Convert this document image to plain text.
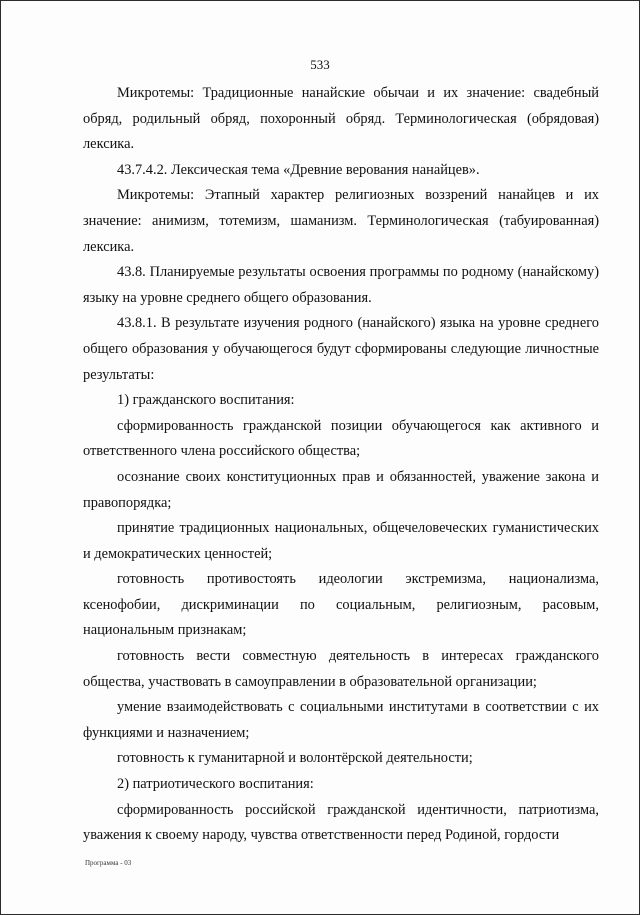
533

Микротемы: Традиционные нанайские обычаи и их значение: свадебный обряд, родильный обряд, похоронный обряд. Терминологическая (обрядовая) лексика.

43.7.4.2. Лексическая тема «Древние верования нанайцев».

Микротемы: Этапный характер религиозных воззрений нанайцев и их значение: анимизм, тотемизм, шаманизм. Терминологическая (табуированная) лексика.

43.8. Планируемые результаты освоения программы по родному (нанайскому) языку на уровне среднего общего образования.

43.8.1. В результате изучения родного (нанайского) языка на уровне среднего общего образования у обучающегося будут сформированы следующие личностные результаты:

1) гражданского воспитания:

сформированность гражданской позиции обучающегося как активного и ответственного члена российского общества;

осознание своих конституционных прав и обязанностей, уважение закона и правопорядка;

принятие традиционных национальных, общечеловеческих гуманистических и демократических ценностей;

готовность противостоять идеологии экстремизма, национализма, ксенофобии, дискриминации по социальным, религиозным, расовым, национальным признакам;

готовность вести совместную деятельность в интересах гражданского общества, участвовать в самоуправлении в образовательной организации;

умение взаимодействовать с социальными институтами в соответствии с их функциями и назначением;

готовность к гуманитарной и волонтёрской деятельности;

2) патриотического воспитания:

сформированность российской гражданской идентичности, патриотизма, уважения к своему народу, чувства ответственности перед Родиной, гордости

Программа - 03
